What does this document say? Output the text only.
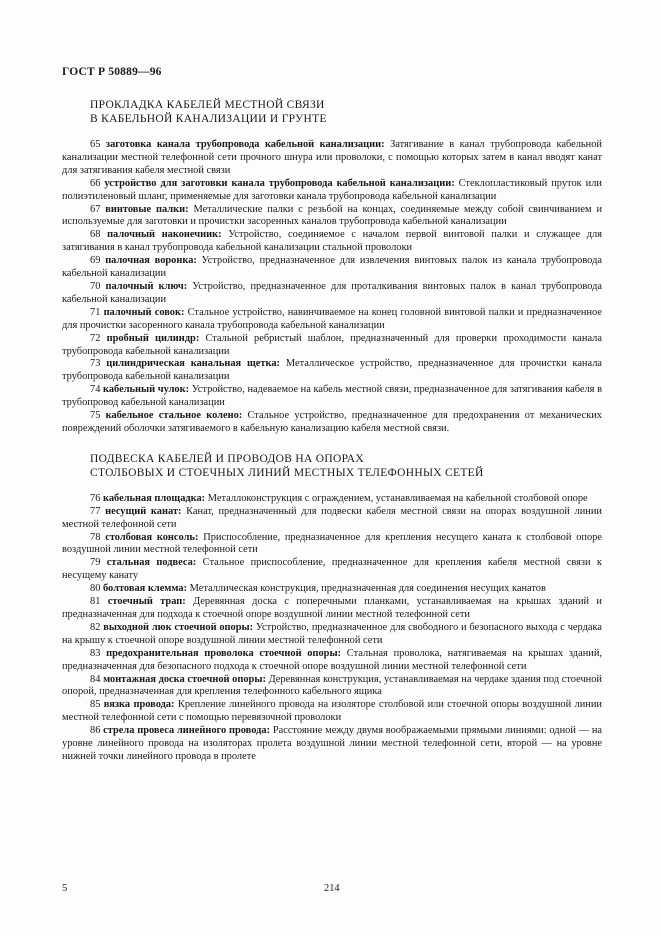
ГОСТ Р 50889—96
ПРОКЛАДКА КАБЕЛЕЙ МЕСТНОЙ СВЯЗИ
В КАБЕЛЬНОЙ КАНАЛИЗАЦИИ И ГРУНТЕ

65 заготовка канала трубопровода кабельной канализации: Затягивание в канал трубопровода кабельной канализации местной телефонной сети прочного шнура или проволоки, с помощью которых затем в канал вводят канат для затягивания кабеля местной связи

66 устройство для заготовки канала трубопровода кабельной канализации: Стеклопластиковый пруток или полиэтиленовый шланг, применяемые для заготовки канала трубопровода кабельной канализации

67 винтовые палки: Металлические палки с резьбой на концах, соединяемые между собой свинчиванием и используемые для заготовки и прочистки засоренных каналов трубопровода кабельной канализации

68 палочный наконечник: Устройство, соединяемое с началом первой винтовой палки и служащее для затягивания в канал трубопровода кабельной канализации стальной проволоки

69 палочная воронка: Устройство, предназначенное для извлечения винтовых палок из канала трубопровода кабельной канализации

70 палочный ключ: Устройство, предназначенное для проталкивания винтовых палок в канал трубопровода кабельной канализации

71 палочный совок: Стальное устройство, навинчиваемое на конец головной винтовой палки и предназначенное для прочистки засоренного канала трубопровода кабельной канализации

72 пробный цилиндр: Стальной ребристый шаблон, предназначенный для проверки проходимости канала трубопровода кабельной канализации

73 цилиндрическая канальная щетка: Металлическое устройство, предназначенное для прочистки канала трубопровода кабельной канализации

74 кабельный чулок: Устройство, надеваемое на кабель местной связи, предназначенное для затягивания кабеля в трубопровод кабельной канализации

75 кабельное стальное колено: Стальное устройство, предназначенное для предохранения от механических повреждений оболочки затягиваемого в кабельную канализацию кабеля местной связи.

ПОДВЕСКА КАБЕЛЕЙ И ПРОВОДОВ НА ОПОРАХ
СТОЛБОВЫХ И СТОЕЧНЫХ ЛИНИЙ МЕСТНЫХ ТЕЛЕФОННЫХ СЕТЕЙ

76 кабельная площадка: Металлоконструкция с ограждением, устанавливаемая на кабельной столбовой опоре

77 несущий канат: Канат, предназначенный для подвески кабеля местной связи на опорах воздушной линии местной телефонной сети

78 столбовая консоль: Приспособление, предназначенное для крепления несущего каната к столбовой опоре воздушной линии местной телефонной сети

79 стальная подвеса: Стальное приспособление, предназначенное для крепления кабеля местной связи к несущему канату

80 болтовая клемма: Металлическая конструкция, предназначенная для соединения несущих канатов

81 стоечный трап: Деревянная доска с поперечными планками, устанавливаемая на крышах зданий и предназначенная для подхода к стоечной опоре воздушной линии местной телефонной сети

82 выходной люк стоечной опоры: Устройство, предназначенное для свободного и безопасного выхода с чердака на крышу к стоечной опоре воздушной линии местной телефонной сети

83 предохранительная проволока стоечной опоры: Стальная проволока, натягиваемая на крышах зданий, предназначенная для безопасного подхода к стоечной опоре воздушной линии местной телефонной сети

84 монтажная доска стоечной опоры: Деревянная конструкция, устанавливаемая на чердаке здания под стоечной опорой, предназначенная для крепления телефонного кабельного ящика

85 вязка провода: Крепление линейного провода на изоляторе столбовой или стоечной опоры воздушной линии местной телефонной сети с помощью перевязочной проволоки

86 стрела провеса линейного провода: Расстояние между двумя воображаемыми прямыми линиями: одной — на уровне линейного провода на изоляторах пролета воздушной линии местной телефонной сети, второй — на уровне нижней точки линейного провода в пролете

5	214
